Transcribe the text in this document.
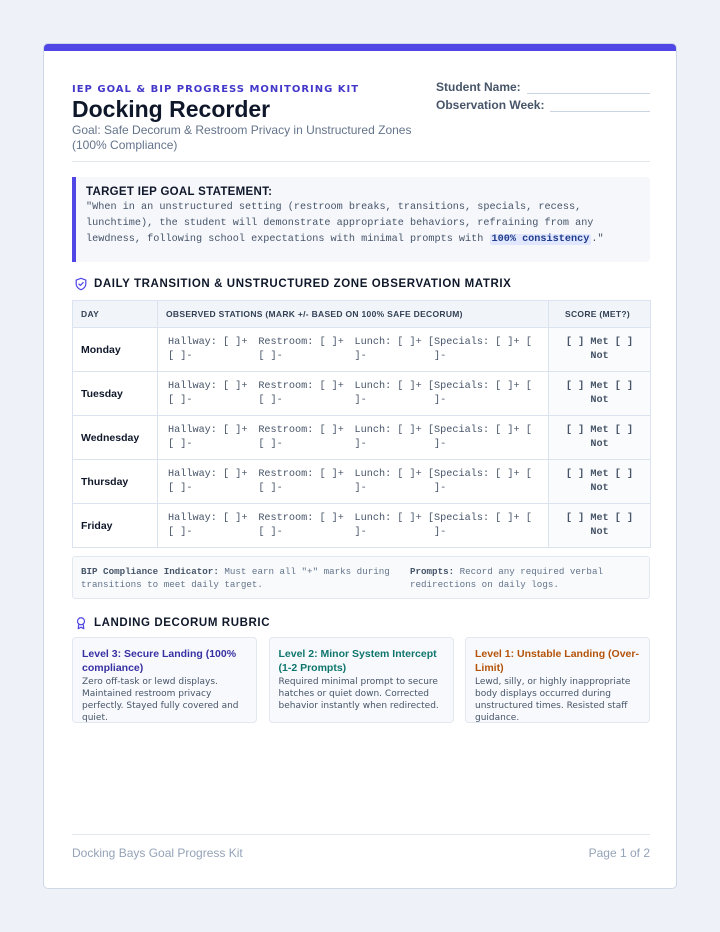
IEP GOAL & BIP PROGRESS MONITORING KIT
Docking Recorder
Goal: Safe Decorum & Restroom Privacy in Unstructured Zones (100% Compliance)
Student Name:
Observation Week:
TARGET IEP GOAL STATEMENT:
"When in an unstructured setting (restroom breaks, transitions, specials, recess, lunchtime), the student will demonstrate appropriate behaviors, refraining from any lewdness, following school expectations with minimal prompts with 100% consistency ."
DAILY TRANSITION & UNSTRUCTURED ZONE OBSERVATION MATRIX
DAY	OBSERVED STATIONS (MARK +/- BASED ON 100% SAFE DECORUM)	SCORE (MET?)
Monday	Hallway: [ ]+ [ ]-
Restroom: [ ]+ [ ]-
Lunch: [ ]+ [ ]-
Specials: [ ]+ [ ]-	[ ] Met [ ] Not

Tuesday	Hallway: [ ]+ [ ]-
Restroom: [ ]+ [ ]-
Lunch: [ ]+ [ ]-
Specials: [ ]+ [ ]-	[ ] Met [ ] Not

Wednesday	Hallway: [ ]+ [ ]-
Restroom: [ ]+ [ ]-
Lunch: [ ]+ [ ]-
Specials: [ ]+ [ ]-	[ ] Met [ ] Not

Thursday	Hallway: [ ]+ [ ]-
Restroom: [ ]+ [ ]-
Lunch: [ ]+ [ ]-
Specials: [ ]+ [ ]-	[ ] Met [ ] Not

Friday	Hallway: [ ]+ [ ]-
Restroom: [ ]+ [ ]-
Lunch: [ ]+ [ ]-
Specials: [ ]+ [ ]-	[ ] Met [ ] Not
BIP Compliance Indicator: Must earn all "+" marks during transitions to meet daily target.
Prompts: Record any required verbal redirections on daily logs.
LANDING DECORUM RUBRIC
Level 3: Secure Landing (100% compliance)
Zero off-task or lewd displays. Maintained restroom privacy perfectly. Stayed fully covered and quiet.
Level 2: Minor System Intercept (1-2 Prompts)
Required minimal prompt to secure hatches or quiet down. Corrected behavior instantly when redirected.
Level 1: Unstable Landing (Over-Limit)
Lewd, silly, or highly inappropriate body displays occurred during unstructured times. Resisted staff guidance.
Docking Bays Goal Progress Kit	Page 1 of 2
